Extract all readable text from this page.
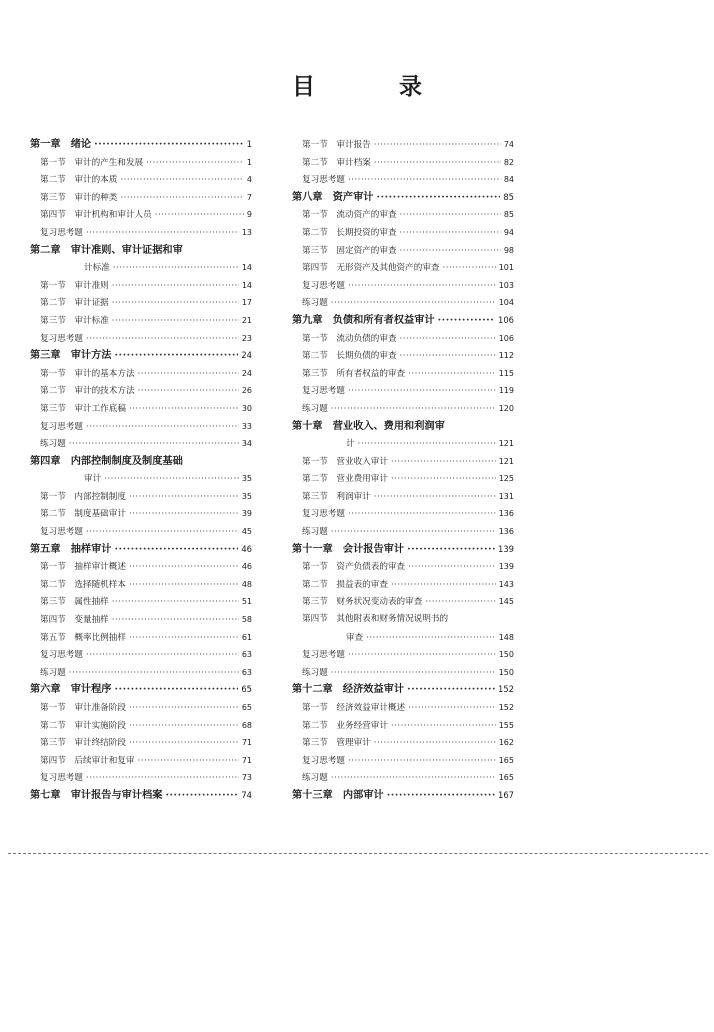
目 录
第一章　绪论 ·····	1
第一节　审计的产生和发展 ·····	1
第二节　审计的本质 ·····	4
第三节　审计的种类 ·····	7
第四节　审计机构和审计人员 ·····	9
复习思考题 ·····	13
第二章　审计准则、审计证据和审
计标准 ·····	14
第一节　审计准则 ·····	14
第二节　审计证据 ·····	17
第三节　审计标准 ·····	21
复习思考题 ·····	23
第三章　审计方法 ·····	24
第一节　审计的基本方法 ·····	24
第二节　审计的技术方法 ·····	26
第三节　审计工作底稿 ·····	30
复习思考题 ·····	33
练习题 ·····	34
第四章　内部控制制度及制度基础
审计 ·····	35
第一节　内部控制制度 ·····	35
第二节　制度基础审计 ·····	39
复习思考题 ·····	45
第五章　抽样审计 ·····	46
第一节　抽样审计概述 ·····	46
第二节　选择随机样本 ·····	48
第三节　属性抽样 ·····	51
第四节　变量抽样 ·····	58
第五节　概率比例抽样 ·····	61
复习思考题 ·····	63
练习题 ·····	63
第六章　审计程序 ·····	65
第一节　审计准备阶段 ·····	65
第二节　审计实施阶段 ·····	68
第三节　审计终结阶段 ·····	71
第四节　后续审计和复审 ·····	71
复习思考题 ·····	73
第七章　审计报告与审计档案 ·····	74
第一节　审计报告 ·····	74
第二节　审计档案 ·····	82
复习思考题 ·····	84
第八章　资产审计 ·····	85
第一节　流动资产的审查 ·····	85
第二节　长期投资的审查 ·····	94
第三节　固定资产的审查 ·····	98
第四节　无形资产及其他资产的审查 ·····	101
复习思考题 ·····	103
练习题 ·····	104
第九章　负债和所有者权益审计 ·····	106
第一节　流动负债的审查 ·····	106
第二节　长期负债的审查 ·····	112
第三节　所有者权益的审查 ·····	115
复习思考题 ·····	119
练习题 ·····	120
第十章　营业收入、费用和利润审
计 ·····	121
第一节　营业收入审计 ·····	121
第二节　营业费用审计 ·····	125
第三节　利润审计 ·····	131
复习思考题 ·····	136
练习题 ·····	136
第十一章　会计报告审计 ·····	139
第一节　资产负债表的审查 ·····	139
第二节　损益表的审查 ·····	143
第三节　财务状况变动表的审查 ·····	145
第四节　其他附表和财务情况说明书的
审查 ·····	148
复习思考题 ·····	150
练习题 ·····	150
第十二章　经济效益审计 ·····	152
第一节　经济效益审计概述 ·····	152
第二节　业务经营审计 ·····	155
第三节　管理审计 ·····	162
复习思考题 ·····	165
练习题 ·····	165
第十三章　内部审计 ·····	167
